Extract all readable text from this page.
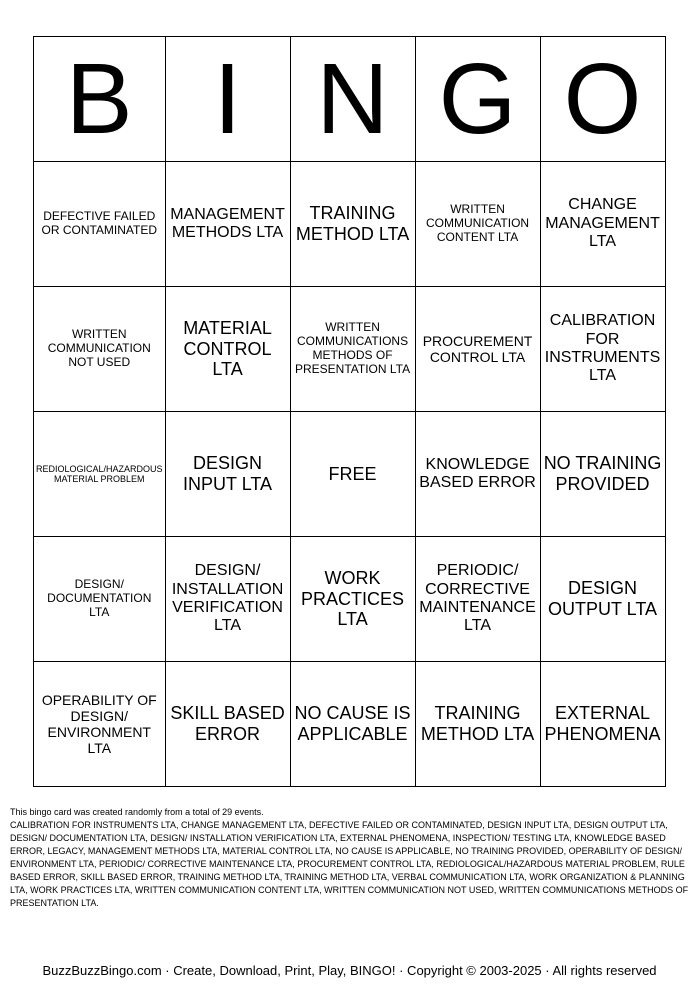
B	I	N	G	O
DEFECTIVE FAILED OR CONTAMINATED	MANAGEMENT METHODS LTA	TRAINING METHOD LTA	WRITTEN COMMUNICATION CONTENT LTA	CHANGE MANAGEMENT LTA
WRITTEN COMMUNICATION NOT USED	MATERIAL CONTROL LTA	WRITTEN COMMUNICATIONS METHODS OF PRESENTATION LTA	PROCUREMENT CONTROL LTA	CALIBRATION FOR INSTRUMENTS LTA
REDIOLOGICAL/HAZARDOUS MATERIAL PROBLEM	DESIGN INPUT LTA	FREE	KNOWLEDGE BASED ERROR	NO TRAINING PROVIDED
DESIGN/ DOCUMENTATION LTA	DESIGN/ INSTALLATION VERIFICATION LTA	WORK PRACTICES LTA	PERIODIC/ CORRECTIVE MAINTENANCE LTA	DESIGN OUTPUT LTA
OPERABILITY OF DESIGN/ ENVIRONMENT LTA	SKILL BASED ERROR	NO CAUSE IS APPLICABLE	TRAINING METHOD LTA	EXTERNAL PHENOMENA

This bingo card was created randomly from a total of 29 events.

CALIBRATION FOR INSTRUMENTS LTA, CHANGE MANAGEMENT LTA, DEFECTIVE FAILED OR CONTAMINATED, DESIGN INPUT LTA, DESIGN OUTPUT LTA, DESIGN/ DOCUMENTATION LTA, DESIGN/ INSTALLATION VERIFICATION LTA, EXTERNAL PHENOMENA, INSPECTION/ TESTING LTA, KNOWLEDGE BASED ERROR, LEGACY, MANAGEMENT METHODS LTA, MATERIAL CONTROL LTA, NO CAUSE IS APPLICABLE, NO TRAINING PROVIDED, OPERABILITY OF DESIGN/ ENVIRONMENT LTA, PERIODIC/ CORRECTIVE MAINTENANCE LTA, PROCUREMENT CONTROL LTA, REDIOLOGICAL/HAZARDOUS MATERIAL PROBLEM, RULE BASED ERROR, SKILL BASED ERROR, TRAINING METHOD LTA, TRAINING METHOD LTA, VERBAL COMMUNICATION LTA, WORK ORGANIZATION & PLANNING LTA, WORK PRACTICES LTA, WRITTEN COMMUNICATION CONTENT LTA, WRITTEN COMMUNICATION NOT USED, WRITTEN COMMUNICATIONS METHODS OF PRESENTATION LTA.

BuzzBuzzBingo.com · Create, Download, Print, Play, BINGO! · Copyright © 2003-2025 · All rights reserved
